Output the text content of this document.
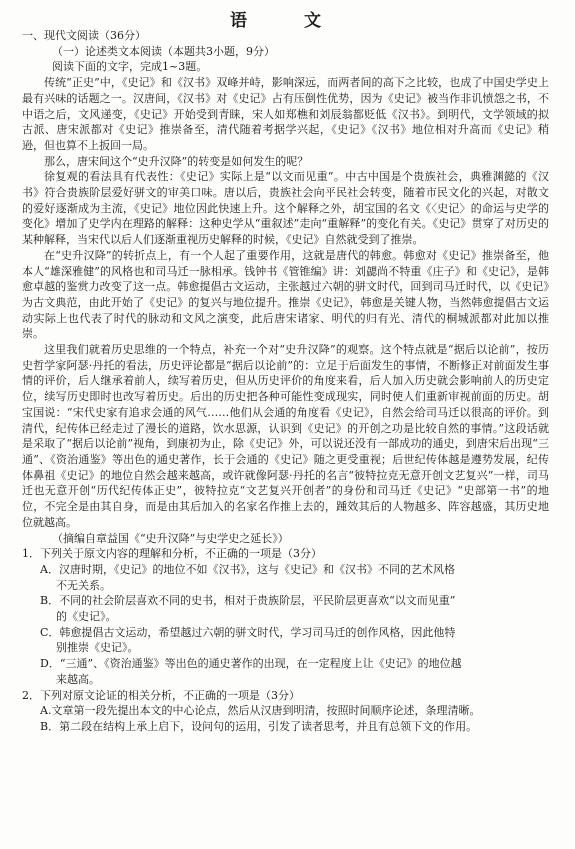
语　文
一、现代文阅读（36分）
（一）论述类文本阅读（本题共3小题，9分）
阅读下面的文字，完成1~3题。

传统“正史”中，《史记》和《汉书》双峰并峙，影响深远，而两者间的高下之比较，也成了中国史学史上最有兴味的话题之一。汉唐间，《汉书》对《史记》占有压倒性优势，因为《史记》被当作非讥愤怨之书，不中语之后，文风递变，《史记》开始受到青睐，宋人如郑樵和刘辰翁都贬低《汉书》。到明代，文学领域的拟古派、唐宋派都对《史记》推崇备至，清代随着考据学兴起，《史记》《汉书》地位相对升高而《史记》稍逊，但也算不上扳回一局。

那么，唐宋间这个“史升汉降”的转变是如何发生的呢？

徐复观的看法具有代表性：《史记》实际上是“以文而见重”。中古中国是个贵族社会，典雅渊懿的《汉书》符合贵族阶层爱好骈文的审美口味。唐以后，贵族社会向平民社会转变，随着市民文化的兴起，对散文的爱好逐渐成为主流，《史记》地位因此快速上升。这个解释之外，胡宝国的名文《〈史记〉的命运与史学的变化》增加了史学内在理路的解释：这种史学从“重叙述”走向“重解释”的变化有关。《史记》贯穿了对历史的某种解释，当宋代以后人们逐渐重视历史解释的时候，《史记》自然就受到了推崇。

在“史升汉降”的转折点上，有一个人起了重要作用，这就是唐代的韩愈。韩愈对《史记》推崇备至，他本人“雄深雅健”的风格也和司马迁一脉相承。钱钟书《管锥编》讲：刘勰尚不特重《庄子》和《史记》，是韩愈卓越的鉴赏力改变了这一点。韩愈提倡古文运动，主张越过六朝的骈文时代，回到司马迁时代，以《史记》为古文典范，由此开始了《史记》的复兴与地位提升。推崇《史记》，韩愈是关键人物，当然韩愈提倡古文运动实际上也代表了时代的脉动和文风之演变，此后唐宋诸家、明代的归有光、清代的桐城派都对此加以推崇。

这里我们就着历史思维的一个特点，补充一个对“史升汉降”的观察。这个特点就是“据后以论前”，按历史哲学家阿瑟·丹托的看法，历史评论都是“据后以论前”的：立足于后面发生的事情，不断修正对前面发生事情的评价，后人继承着前人，续写着历史，但从历史评价的角度来看，后人加入历史就会影响前人的历史定位，续写历史即时也改写着历史。后出的历史把各种可能性变成现实，同时使人们重新审视前面的历史。胡宝国说：“宋代史家有追求会通的风气……他们从会通的角度看《史记》，自然会给司马迁以很高的评价。到清代，纪传体已经走过了漫长的道路，饮水思源，认识到《史记》的开创之功是比较自然的事情。”这段话就是采取了“据后以论前”视角，到康初为止，除《史记》外，可以说还没有一部成功的通史，到唐宋后出现“三通”、《资治通鉴》等出色的通史著作，长于会通的《史记》随之更受重视；后世纪传体越是遵势发展，纪传体鼻祖《史记》的地位自然会越来越高，或许就像阿瑟·丹托的名言“彼特拉克无意开创文艺复兴”一样，司马迁也无意开创“历代纪传体正史”，彼特拉克“文艺复兴开创者”的身份和司马迁《史记》“史部第一书”的地位，不完全是由其自身，而是由其后加入的名家名作推上去的，踵效其后的人物越多、阵容越盛，其历史地位就越高。

（摘编自章益国《“史升汉降”与史学史之延长》）
1．下列关于原文内容的理解和分析，不正确的一项是（3分）
A．汉唐时期，《史记》的地位不如《汉书》，这与《史记》和《汉书》不同的艺术风格
不无关系。
B．不同的社会阶层喜欢不同的史书，相对于贵族阶层，平民阶层更喜欢“以文而见重”
的《史记》。
C．韩愈提倡古文运动，希望越过六朝的骈文时代，学习司马迁的创作风格，因此他特
别推崇《史记》。
D．“三通”、《资治通鉴》等出色的通史著作的出现，在一定程度上让《史记》的地位越
来越高。
2．下列对原文论证的相关分析，不正确的一项是（3分）
A.文章第一段先提出本文的中心论点，然后从汉唐到明清，按照时间顺序论述，条理清晰。
B．第二段在结构上承上启下，设问句的运用，引发了读者思考，并且有总领下文的作用。
